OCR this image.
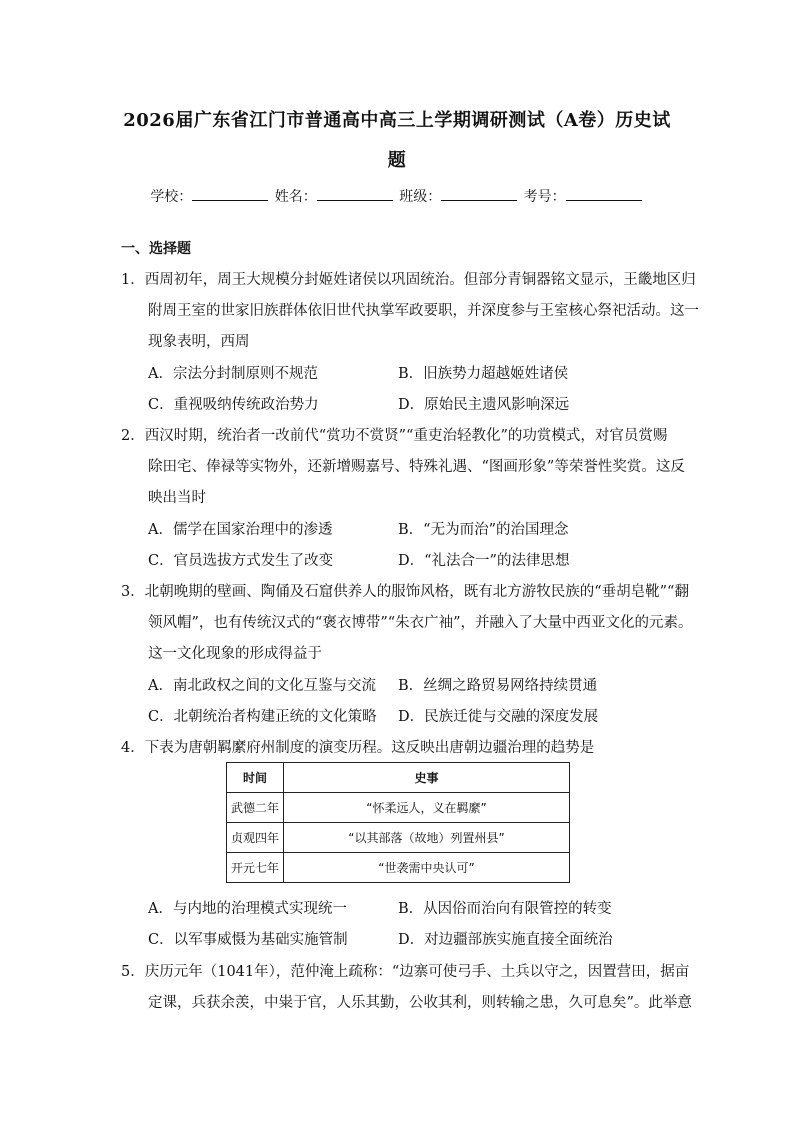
2026届广东省江门市普通高中高三上学期调研测试（A卷）历史试
题
学校：	姓名：	班级：	考号：
一、选择题
1．西周初年，周王大规模分封姬姓诸侯以巩固统治。但部分青铜器铭文显示，王畿地区归
附周王室的世家旧族群体依旧世代执掌军政要职，并深度参与王室核心祭祀活动。这一
现象表明，西周
A．宗法分封制原则不规范	B．旧族势力超越姬姓诸侯
C．重视吸纳传统政治势力	D．原始民主遗风影响深远
2．西汉时期，统治者一改前代“赏功不赏贤”“重吏治轻教化”的功赏模式，对官员赏赐
除田宅、俸禄等实物外，还新增赐嘉号、特殊礼遇、“图画形象”等荣誉性奖赏。这反
映出当时
A．儒学在国家治理中的渗透	B．“无为而治”的治国理念
C．官员选拔方式发生了改变	D．“礼法合一”的法律思想
3．北朝晚期的壁画、陶俑及石窟供养人的服饰风格，既有北方游牧民族的“垂胡皂靴”“翻
领风帽”，也有传统汉式的“褒衣博带”“朱衣广袖”，并融入了大量中西亚文化的元素。
这一文化现象的形成得益于
A．南北政权之间的文化互鉴与交流 B．丝绸之路贸易网络持续贯通
C．北朝统治者构建正统的文化策略 D．民族迁徙与交融的深度发展
4．下表为唐朝羁縻府州制度的演变历程。这反映出唐朝边疆治理的趋势是
时间	史事
武德二年	“怀柔远人，义在羁縻”
贞观四年	“以其部落（故地）列置州县”
开元七年	“世袭需中央认可”
A．与内地的治理模式实现统一	B．从因俗而治向有限管控的转变
C．以军事威慑为基础实施管制	D．对边疆部族实施直接全面统治
5．庆历元年（1041年），范仲淹上疏称：“边寨可使弓手、土兵以守之，因置营田，据亩
定课，兵获余羡，中粜于官，人乐其勤，公收其利，则转输之患，久可息矣”。此举意
